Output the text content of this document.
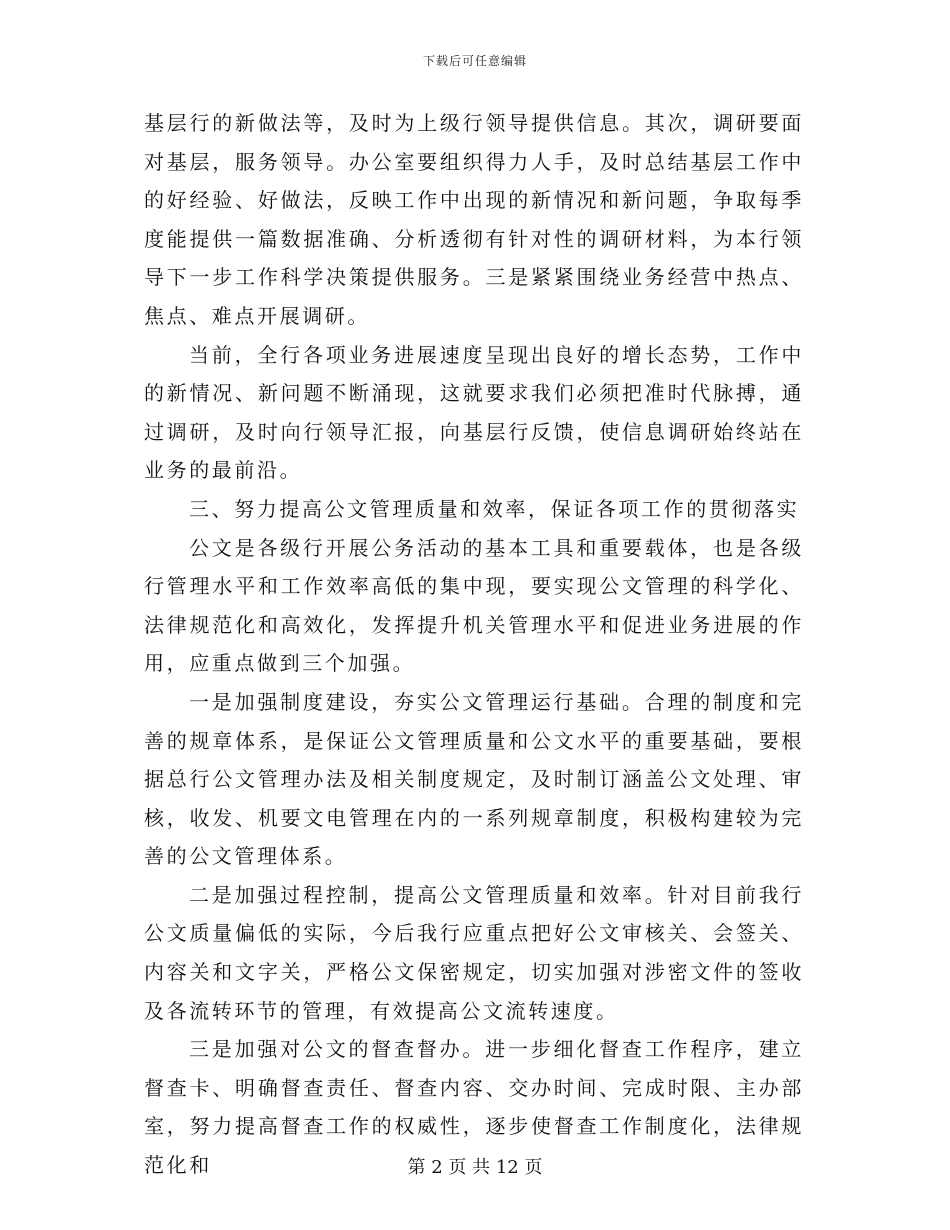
下载后可任意编辑

基层行的新做法等，及时为上级行领导提供信息。其次，调研要面对基层，服务领导。办公室要组织得力人手，及时总结基层工作中的好经验、好做法，反映工作中出现的新情况和新问题，争取每季度能提供一篇数据准确、分析透彻有针对性的调研材料，为本行领导下一步工作科学决策提供服务。三是紧紧围绕业务经营中热点、焦点、难点开展调研。

当前，全行各项业务进展速度呈现出良好的增长态势，工作中的新情况、新问题不断涌现，这就要求我们必须把准时代脉搏，通过调研，及时向行领导汇报，向基层行反馈，使信息调研始终站在业务的最前沿。

三、努力提高公文管理质量和效率，保证各项工作的贯彻落实

公文是各级行开展公务活动的基本工具和重要载体，也是各级行管理水平和工作效率高低的集中现，要实现公文管理的科学化、法律规范化和高效化，发挥提升机关管理水平和促进业务进展的作用，应重点做到三个加强。

一是加强制度建设，夯实公文管理运行基础。合理的制度和完善的规章体系，是保证公文管理质量和公文水平的重要基础，要根据总行公文管理办法及相关制度规定，及时制订涵盖公文处理、审核，收发、机要文电管理在内的一系列规章制度，积极构建较为完善的公文管理体系。

二是加强过程控制，提高公文管理质量和效率。针对目前我行公文质量偏低的实际，今后我行应重点把好公文审核关、会签关、内容关和文字关，严格公文保密规定，切实加强对涉密文件的签收及各流转环节的管理，有效提高公文流转速度。

三是加强对公文的督查督办。进一步细化督查工作程序，建立督查卡、明确督查责任、督查内容、交办时间、完成时限、主办部室，努力提高督查工作的权威性，逐步使督查工作制度化，法律规范化和	第 2 页 共 12 页
